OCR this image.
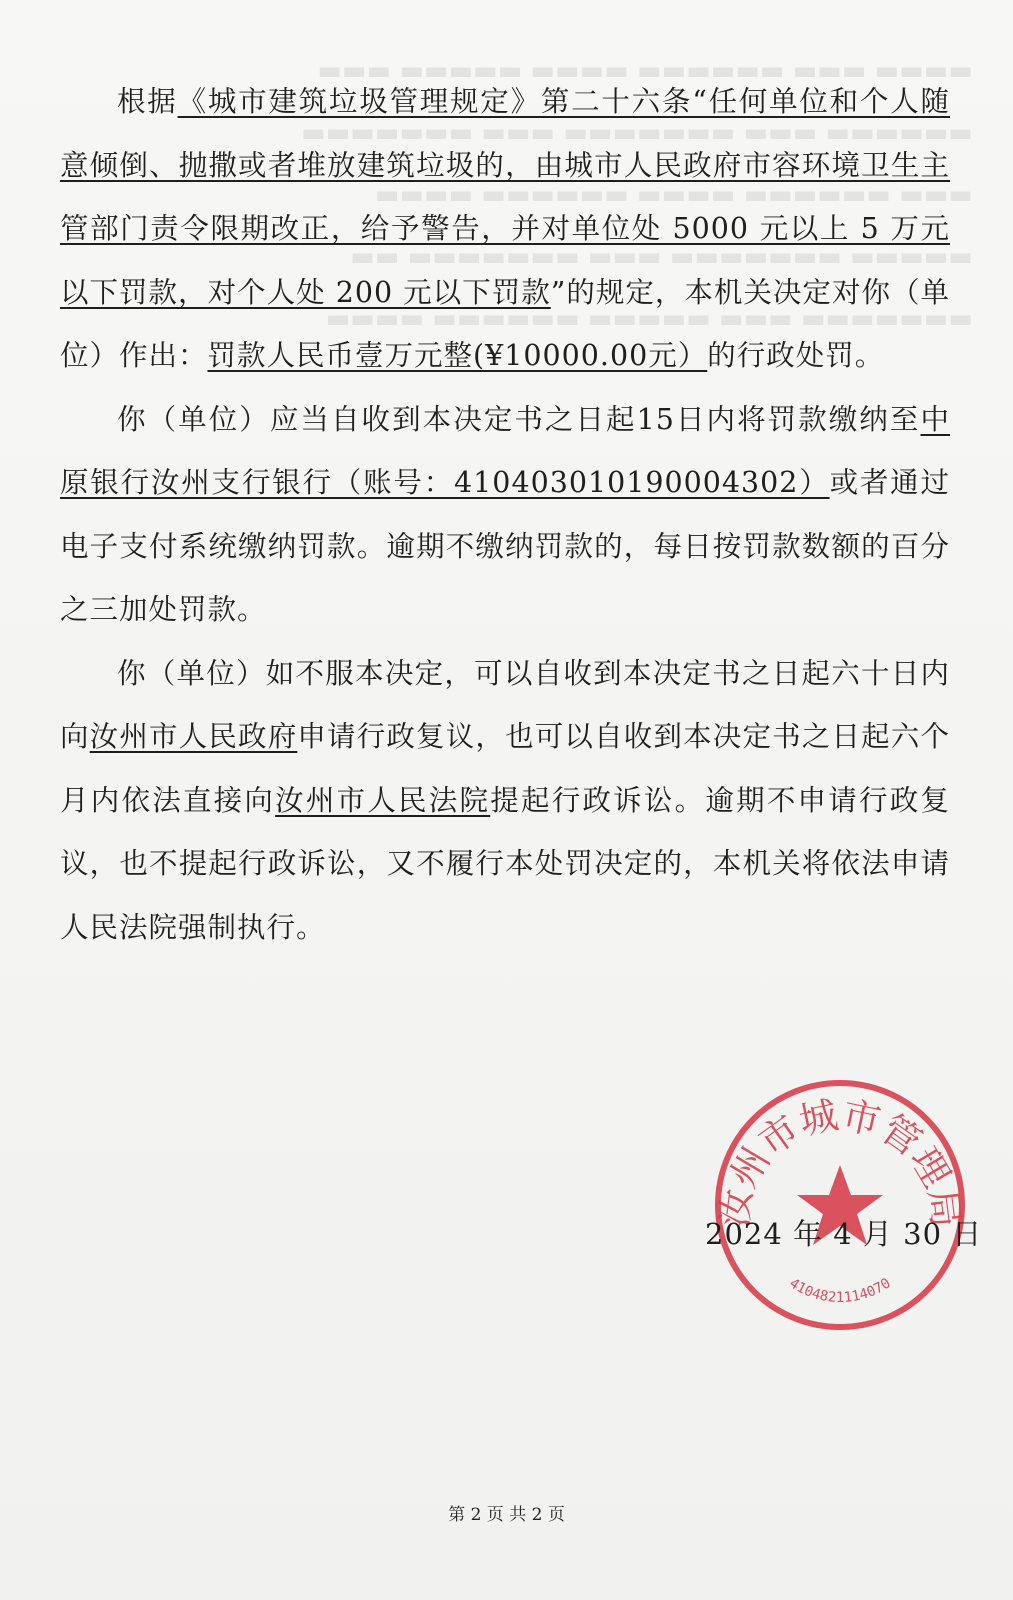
▬▬▬▬ ▬▬▬ ▬▬▬▬▬▬ ▬▬▬▬ ▬▬▬▬▬ ▬▬▬
▬▬▬▬▬▬ ▬▬▬ ▬▬▬▬▬▬▬ ▬▬▬ ▬▬▬▬▬▬▬
▬▬▬ ▬▬▬▬▬▬ ▬▬▬▬ ▬▬▬▬▬▬ ▬▬▬▬
▬▬▬▬▬ ▬▬▬▬▬▬▬ ▬▬▬ ▬▬▬▬▬▬▬ ▬▬
▬▬▬▬▬▬▬ ▬▬▬ ▬▬▬▬▬ ▬▬▬▬▬▬ ▬▬▬▬

根据《城市建筑垃圾管理规定》第二十六条“任何单位和个人随意倾倒、抛撒或者堆放建筑垃圾的，由城市人民政府市容环境卫生主管部门责令限期改正，给予警告，并对单位处 5000 元以上 5 万元以下罚款，对个人处 200 元以下罚款”的规定，本机关决定对你（单位）作出：罚款人民币壹万元整(¥10000.00元）的行政处罚。

你（单位）应当自收到本决定书之日起15日内将罚款缴纳至中原银行汝州支行银行（账号：410403010190004302）或者通过电子支付系统缴纳罚款。逾期不缴纳罚款的，每日按罚款数额的百分之三加处罚款。

你（单位）如不服本决定，可以自收到本决定书之日起六十日内向汝州市人民政府申请行政复议，也可以自收到本决定书之日起六个月内依法直接向汝州市人民法院提起行政诉讼。逾期不申请行政复议，也不提起行政诉讼，又不履行本处罚决定的，本机关将依法申请人民法院强制执行。

汝州市城市管理局
4104821114070
2024 年 4 月 30 日
第 2 页 共 2 页
